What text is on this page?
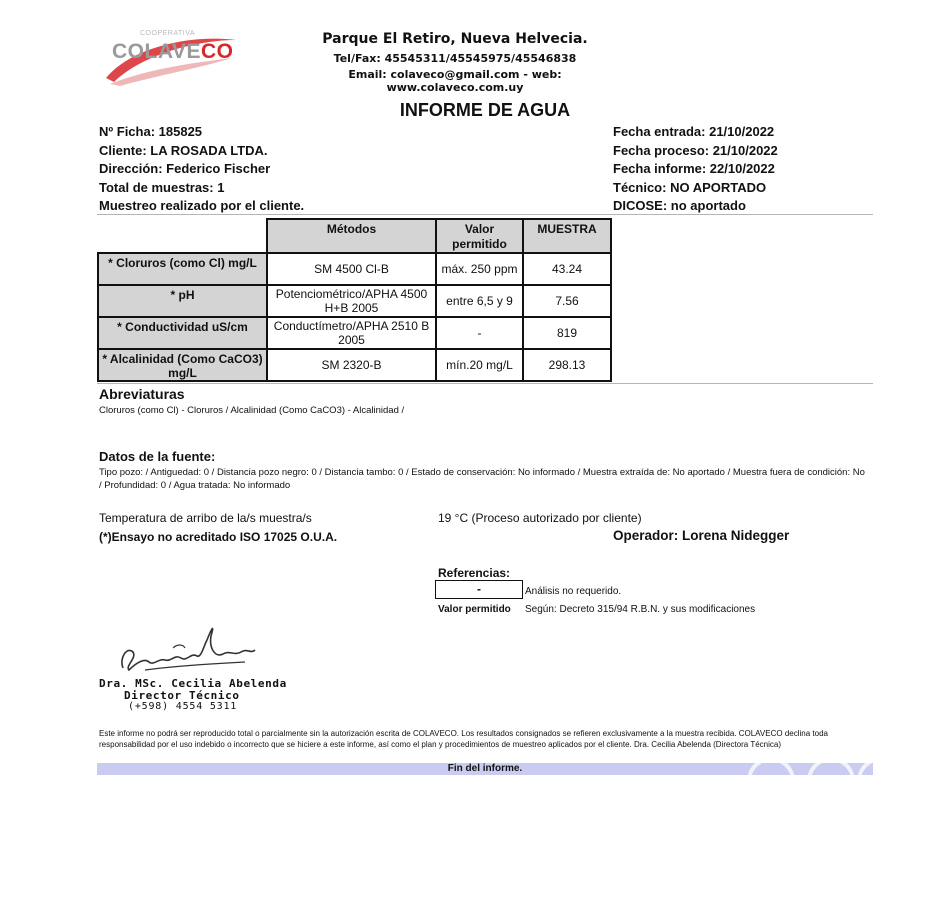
COOPERATIVA
COLAVECO
Parque El Retiro, Nueva Helvecia.
Tel/Fax: 45545311/45545975/45546838
Email: colaveco@gmail.com - web: www.colaveco.com.uy
INFORME DE AGUA
Nº Ficha: 185825
Cliente: LA ROSADA LTDA.
Dirección: Federico Fischer
Total de muestras: 1
Muestreo realizado por el cliente.
Fecha entrada: 21/10/2022
Fecha proceso: 21/10/2022
Fecha informe: 22/10/2022
Técnico: NO APORTADO
DICOSE: no aportado
	Métodos	Valor permitido	MUESTRA
* Cloruros (como Cl) mg/L	SM 4500 Cl-B	máx. 250 ppm	43.24
* pH	Potenciométrico/APHA 4500 H+B 2005	entre 6,5 y 9	7.56
* Conductividad uS/cm	Conductímetro/APHA 2510 B 2005	-	819
* Alcalinidad (Como CaCO3) mg/L	SM 2320-B	mín.20 mg/L	298.13
Abreviaturas
Cloruros (como Cl) - Cloruros / Alcalinidad (Como CaCO3) - Alcalinidad /
Datos de la fuente:
Tipo pozo: / Antiguedad: 0 / Distancia pozo negro: 0 / Distancia tambo: 0 / Estado de conservación: No informado / Muestra extraída de: No aportado / Muestra fuera de condición: No / Profundidad: 0 / Agua tratada: No informado
Temperatura de arribo de la/s muestra/s	19 °C (Proceso autorizado por cliente)
(*)Ensayo no acreditado ISO 17025 O.U.A.	Operador: Lorena Nidegger
Referencias:
-	Análisis no requerido.
Valor permitido Según: Decreto 315/94 R.B.N. y sus modificaciones
Dra. MSc. Cecilia Abelenda
Director Técnico
(+598) 4554 5311
Este informe no podrá ser reproducido total o parcialmente sin la autorización escrita de COLAVECO. Los resultados consignados se refieren exclusivamente a la muestra recibida. COLAVECO declina toda responsabilidad por el uso indebido o incorrecto que se hiciere a este informe, así como el plan y procedimientos de muestreo aplicados por el cliente. Dra. Cecilia Abelenda (Directora Técnica)
Fin del informe.
